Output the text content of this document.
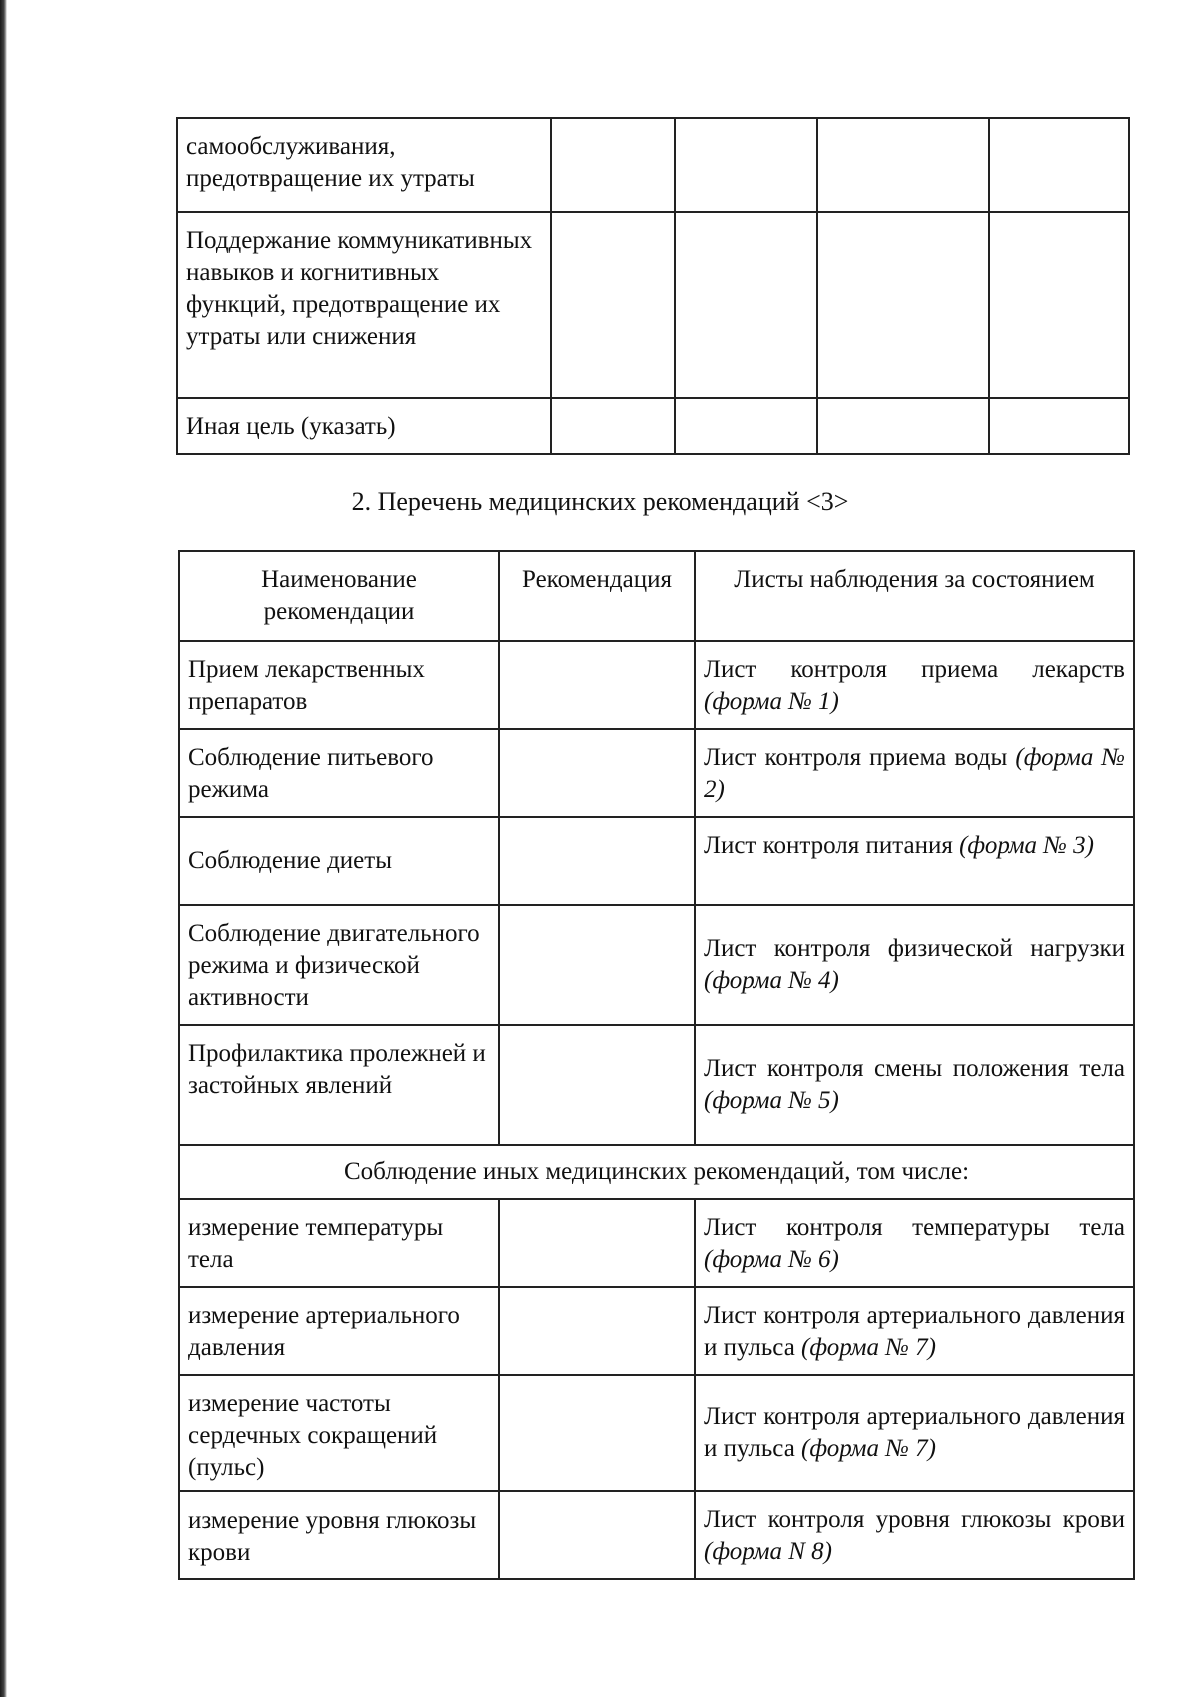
самообслуживания, предотвращение их утраты				

Поддержание коммуникативных навыков и когнитивных функций, предотвращение их утраты или снижения				

Иная цель (указать)				

2. Перечень медицинских рекомендаций <3>
Наименование рекомендации	Рекомендация	Листы наблюдения за состоянием

Прием лекарственных препаратов		Лист контроля приема лекарств (форма № 1)

Соблюдение питьевого режима		Лист контроля приема воды (форма № 2)

Соблюдение диеты		Лист контроля питания (форма № 3)

Соблюдение двигательного режима и физической активности		Лист контроля физической нагрузки (форма № 4)

Профилактика пролежней и застойных явлений		Лист контроля смены положения тела (форма № 5)

Соблюдение иных медицинских рекомендаций, том числе:		

измерение температуры тела		Лист контроля температуры тела (форма № 6)

измерение артериального давления		Лист контроля артериального давления и пульса (форма № 7)

измерение частоты сердечных сокращений (пульс)		Лист контроля артериального давления и пульса (форма № 7)

измерение уровня глюкозы крови		Лист контроля уровня глюкозы крови (форма N 8)
